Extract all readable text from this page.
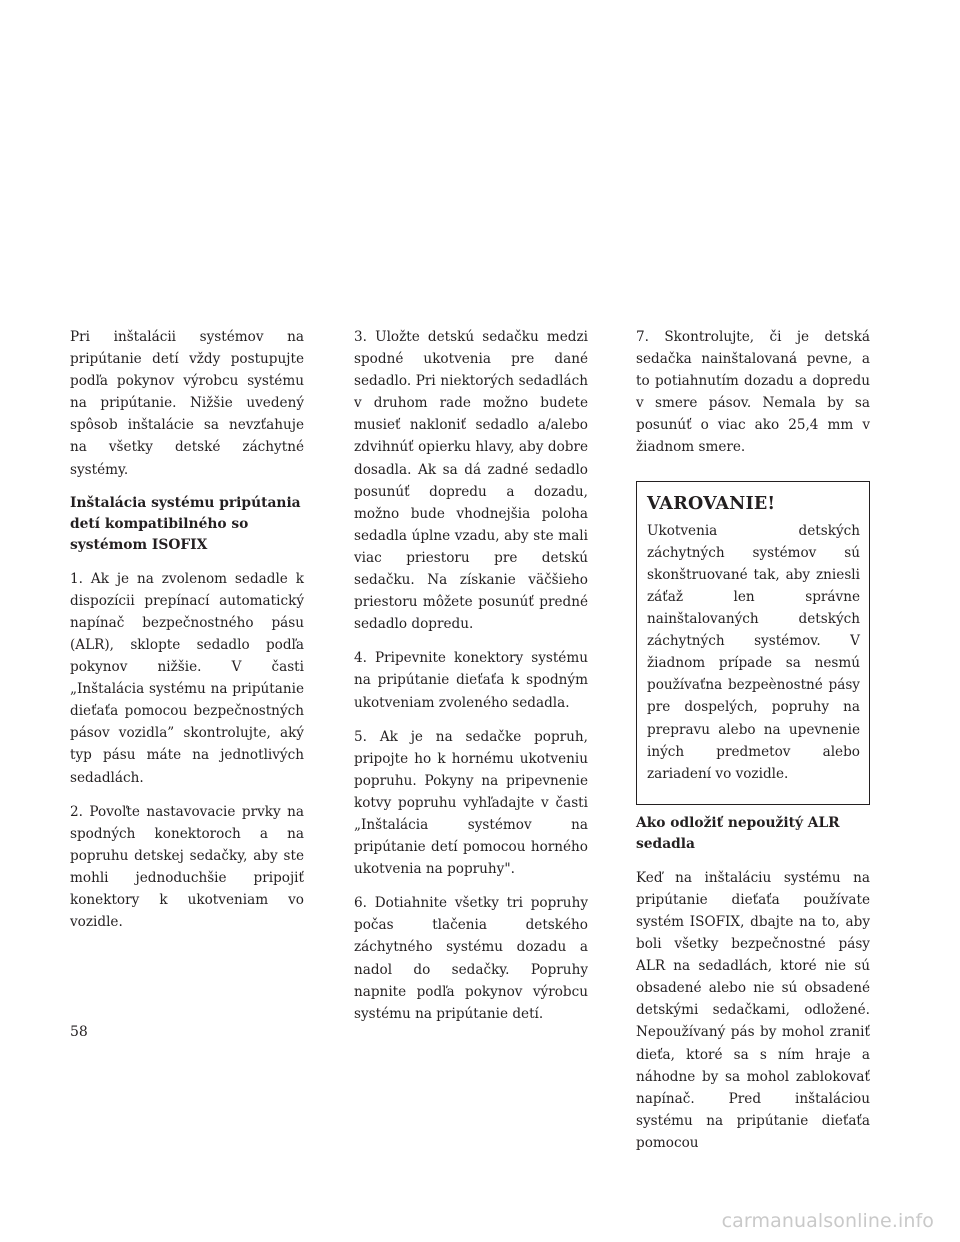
Pri inštalácii systémov na pripútanie detí vždy postupujte podľa pokynov výrobcu systému na pripútanie. Nižšie uvedený spôsob inštalácie sa nevzťahuje na všetky detské záchytné systémy.

Inštalácia systému pripútania detí kompatibilného so systémom ISOFIX

1. Ak je na zvolenom sedadle k dispozícii prepínací automatický napínač bezpečnostného pásu (ALR), sklopte sedadlo podľa pokynov nižšie. V časti „Inštalácia systému na pripútanie dieťaťa pomocou bezpečnostných pásov vozidla” skontrolujte, aký typ pásu máte na jednotlivých sedadlách.

2. Povoľte nastavovacie prvky na spodných konektoroch a na popruhu detskej sedačky, aby ste mohli jednoduchšie pripojiť konektory k ukotveniam vo vozidle.

3. Uložte detskú sedačku medzi spodné ukotvenia pre dané sedadlo. Pri niektorých sedadlách v druhom rade možno budete musieť nakloniť sedadlo a/alebo zdvihnúť opierku hlavy, aby dobre dosadla. Ak sa dá zadné sedadlo posunúť dopredu a dozadu, možno bude vhodnejšia poloha sedadla úplne vzadu, aby ste mali viac priestoru pre detskú sedačku. Na získanie väčšieho priestoru môžete posunúť predné sedadlo dopredu.

4. Pripevnite konektory systému na pripútanie dieťaťa k spodným ukotveniam zvoleného sedadla.

5. Ak je na sedačke popruh, pripojte ho k hornému ukotveniu popruhu. Pokyny na pripevnenie kotvy popruhu vyhľadajte v časti „Inštalácia systémov na pripútanie detí pomocou horného ukotvenia na popruhy".

6. Dotiahnite všetky tri popruhy počas tlačenia detského záchytného systému dozadu a nadol do sedačky. Popruhy napnite podľa pokynov výrobcu systému na pripútanie detí.

7. Skontrolujte, či je detská sedačka nainštalovaná pevne, a to potiahnutím dozadu a dopredu v smere pásov. Nemala by sa posunúť o viac ako 25,4 mm v žiadnom smere.

VAROVANIE!

Ukotvenia detských záchytných systémov sú skonštruované tak, aby zniesli záťaž len správne nainštalovaných detských záchytných systémov. V žiadnom prípade sa nesmú používaťna bezpeènostné pásy pre dospelých, popruhy na prepravu alebo na upevnenie iných predmetov alebo zariadení vo vozidle.

Ako odložiť nepoužitý ALR sedadla

Keď na inštaláciu systému na pripútanie dieťaťa používate systém ISOFIX, dbajte na to, aby boli všetky bezpečnostné pásy ALR na sedadlách, ktoré nie sú obsadené alebo nie sú obsadené detskými sedačkami, odložené. Nepoužívaný pás by mohol zraniť dieťa, ktoré sa s ním hraje a náhodne by sa mohol zablokovať napínač. Pred inštaláciou systému na pripútanie dieťaťa pomocou

58
carmanualsonline.info
